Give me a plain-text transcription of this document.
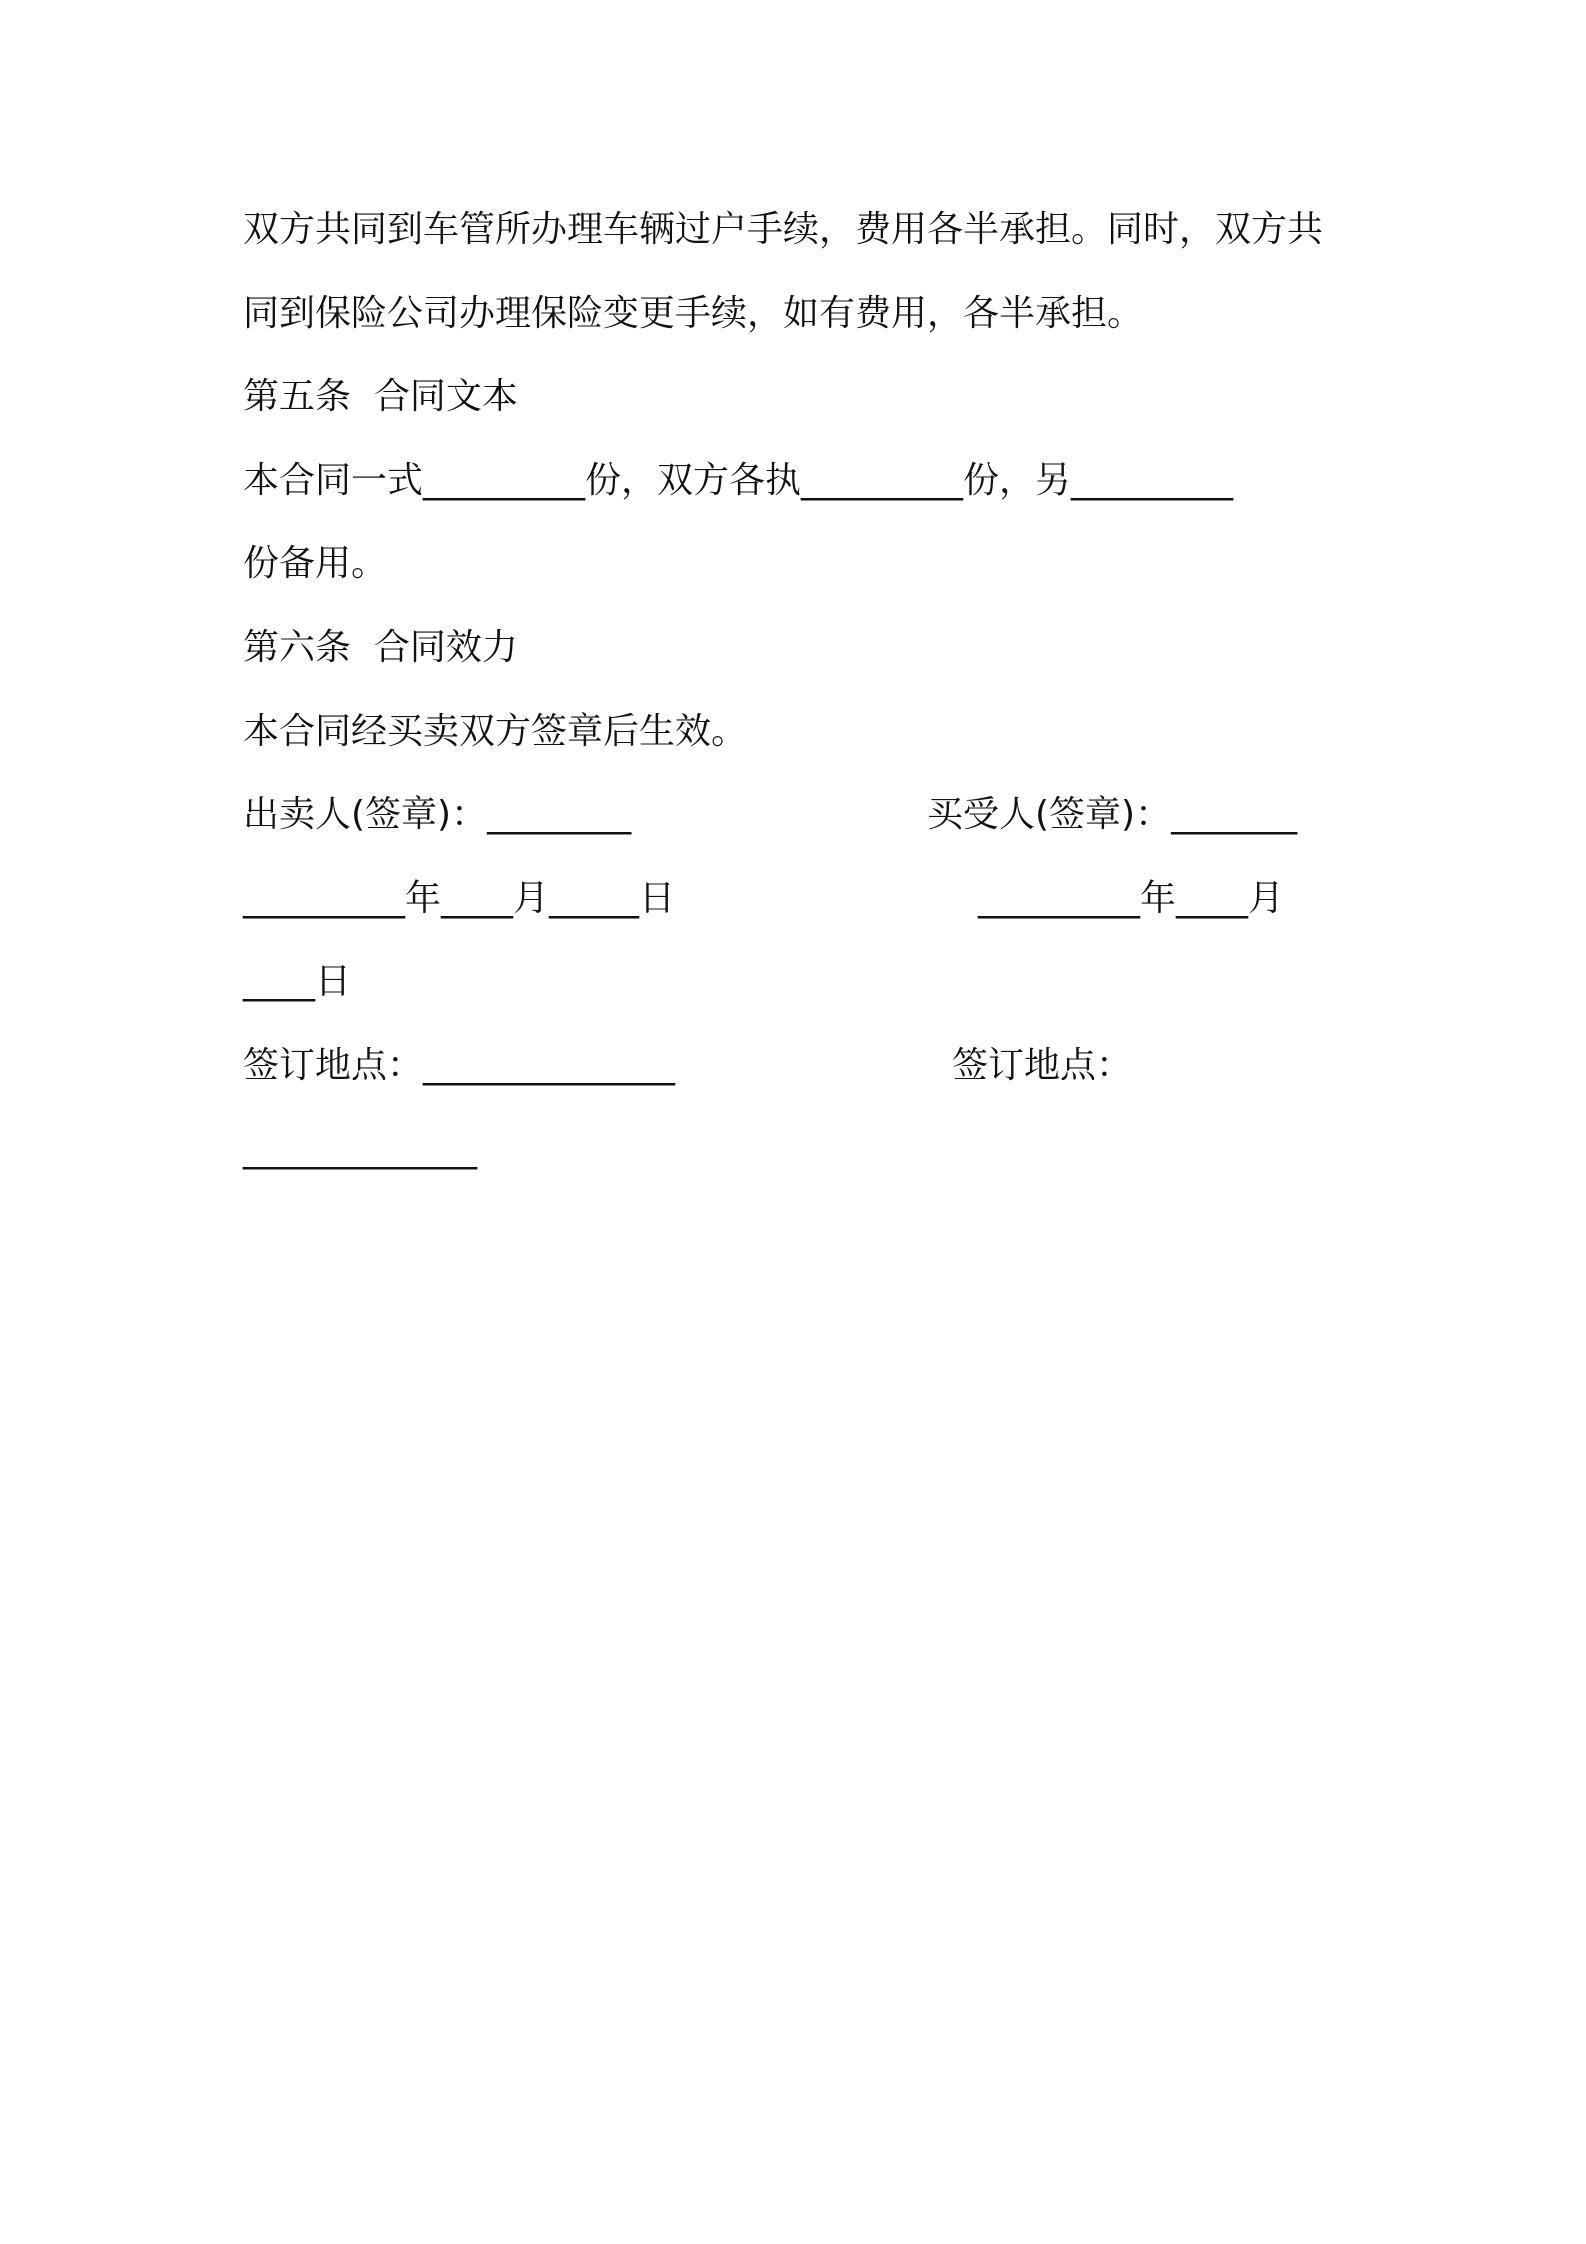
双方共同到车管所办理车辆过户手续，费用各半承担。同时，双方共
同到保险公司办理保险变更手续，如有费用，各半承担。
第五条  合同文本
本合同一式_________份，双方各执_________份，另_________
份备用。
第六条  合同效力
本合同经买卖双方签章后生效。
出卖人(签章)：________	买受人(签章)：_______
_________年____月_____日	_________年____月
____日
签订地点：______________	签订地点：
_____________
